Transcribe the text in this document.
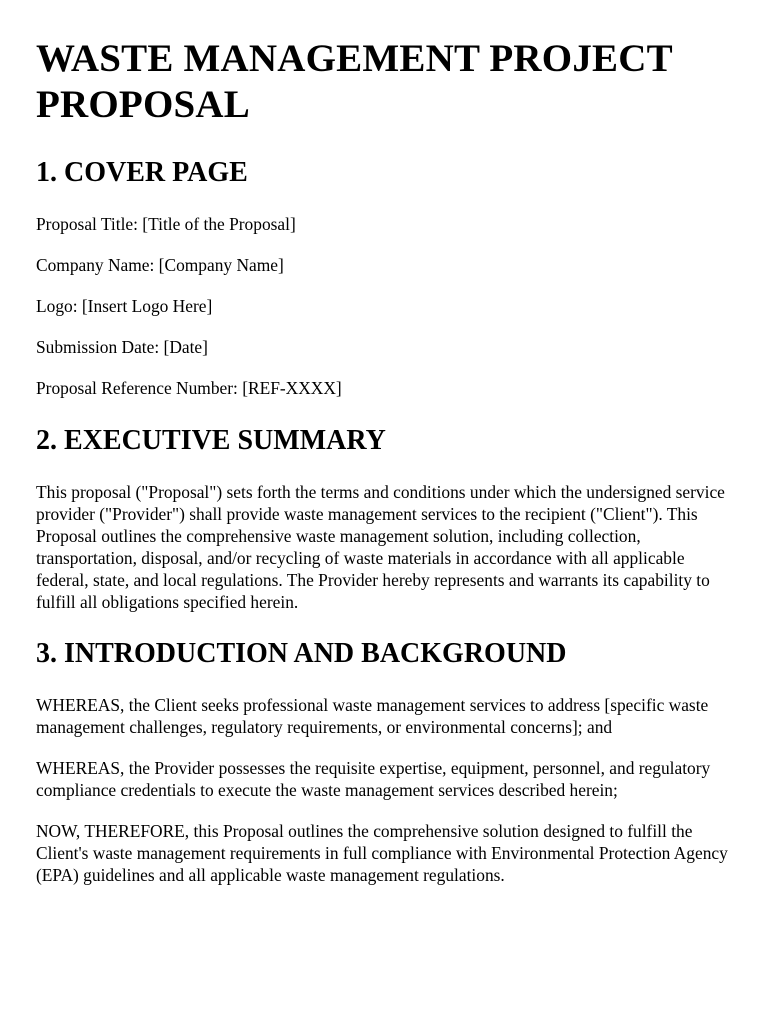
WASTE MANAGEMENT PROJECT PROPOSAL
1. COVER PAGE

Proposal Title: [Title of the Proposal]

Company Name: [Company Name]

Logo: [Insert Logo Here]

Submission Date: [Date]

Proposal Reference Number: [REF-XXXX]

2. EXECUTIVE SUMMARY

This proposal ("Proposal") sets forth the terms and conditions under which the undersigned service provider ("Provider") shall provide waste management services to the recipient ("Client"). This Proposal outlines the comprehensive waste management solution, including collection, transportation, disposal, and/or recycling of waste materials in accordance with all applicable federal, state, and local regulations. The Provider hereby represents and warrants its capability to fulfill all obligations specified herein.

3. INTRODUCTION AND BACKGROUND

WHEREAS, the Client seeks professional waste management services to address [specific waste management challenges, regulatory requirements, or environmental concerns]; and

WHEREAS, the Provider possesses the requisite expertise, equipment, personnel, and regulatory compliance credentials to execute the waste management services described herein;

NOW, THEREFORE, this Proposal outlines the comprehensive solution designed to fulfill the Client's waste management requirements in full compliance with Environmental Protection Agency (EPA) guidelines and all applicable waste management regulations.
